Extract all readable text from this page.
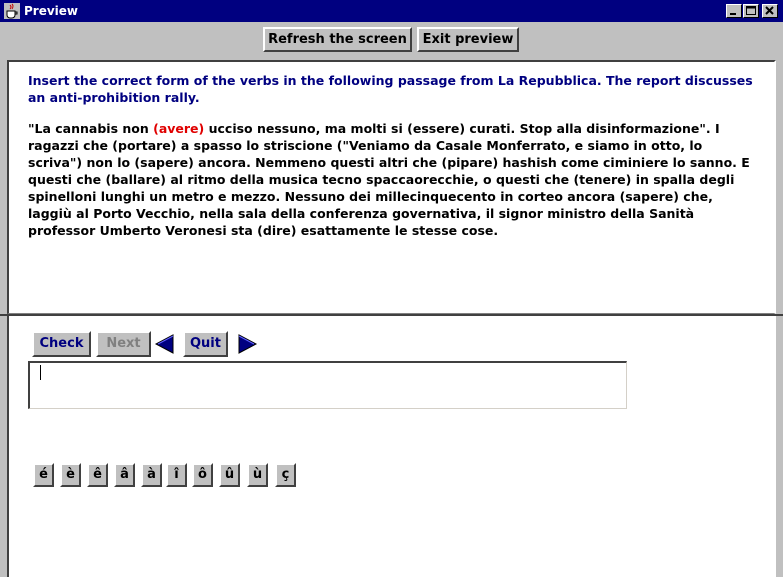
Preview
Refresh the screen	Exit preview
Insert the correct form of the verbs in the following passage from La Repubblica. The report discusses an anti-prohibition rally.
"La cannabis non (avere) ucciso nessuno, ma molti si (essere) curati. Stop alla disinformazione". I ragazzi che (portare) a spasso lo striscione ("Veniamo da Casale Monferrato, e siamo in otto, lo scriva") non lo (sapere) ancora. Nemmeno questi altri che (pipare) hashish come ciminiere lo sanno. E questi che (ballare) al ritmo della musica tecno spaccaorecchie, o questi che (tenere) in spalla degli spinelloni lunghi un metro e mezzo. Nessuno dei millecinquecento in corteo ancora (sapere) che, laggiù al Porto Vecchio, nella sala della conferenza governativa, il signor ministro della Sanità professor Umberto Veronesi sta (dire) esattamente le stesse cose.
Check	Next	Quit
é	è	ê	â	à	î	ô	û	ù	ç
